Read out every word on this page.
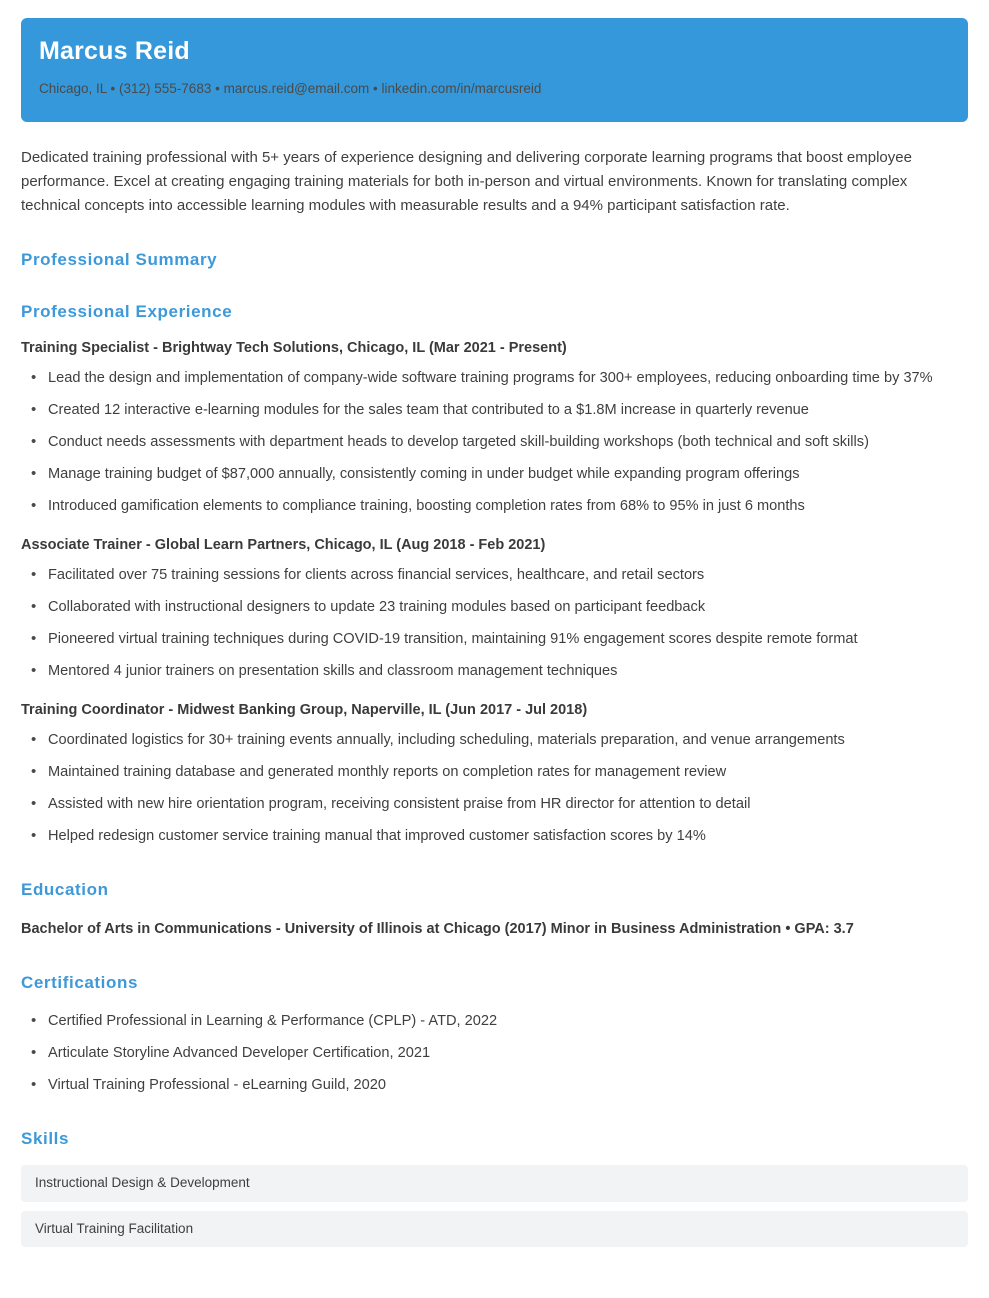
Marcus Reid
Chicago, IL • (312) 555-7683 • marcus.reid@email.com • linkedin.com/in/marcusreid

Dedicated training professional with 5+ years of experience designing and delivering corporate learning programs that boost employee performance. Excel at creating engaging training materials for both in-person and virtual environments. Known for translating complex technical concepts into accessible learning modules with measurable results and a 94% participant satisfaction rate.

Professional Summary
Professional Experience
Training Specialist - Brightway Tech Solutions, Chicago, IL (Mar 2021 - Present)
• Lead the design and implementation of company-wide software training programs for 300+ employees, reducing onboarding time by 37%
• Created 12 interactive e-learning modules for the sales team that contributed to a $1.8M increase in quarterly revenue
• Conduct needs assessments with department heads to develop targeted skill-building workshops (both technical and soft skills)
• Manage training budget of $87,000 annually, consistently coming in under budget while expanding program offerings
• Introduced gamification elements to compliance training, boosting completion rates from 68% to 95% in just 6 months
Associate Trainer - Global Learn Partners, Chicago, IL (Aug 2018 - Feb 2021)
• Facilitated over 75 training sessions for clients across financial services, healthcare, and retail sectors
• Collaborated with instructional designers to update 23 training modules based on participant feedback
• Pioneered virtual training techniques during COVID-19 transition, maintaining 91% engagement scores despite remote format
• Mentored 4 junior trainers on presentation skills and classroom management techniques
Training Coordinator - Midwest Banking Group, Naperville, IL (Jun 2017 - Jul 2018)
• Coordinated logistics for 30+ training events annually, including scheduling, materials preparation, and venue arrangements
• Maintained training database and generated monthly reports on completion rates for management review
• Assisted with new hire orientation program, receiving consistent praise from HR director for attention to detail
• Helped redesign customer service training manual that improved customer satisfaction scores by 14%
Education
Bachelor of Arts in Communications - University of Illinois at Chicago (2017) Minor in Business Administration • GPA: 3.7
Certifications
• Certified Professional in Learning & Performance (CPLP) - ATD, 2022
• Articulate Storyline Advanced Developer Certification, 2021
• Virtual Training Professional - eLearning Guild, 2020
Skills
Instructional Design & Development
Virtual Training Facilitation
